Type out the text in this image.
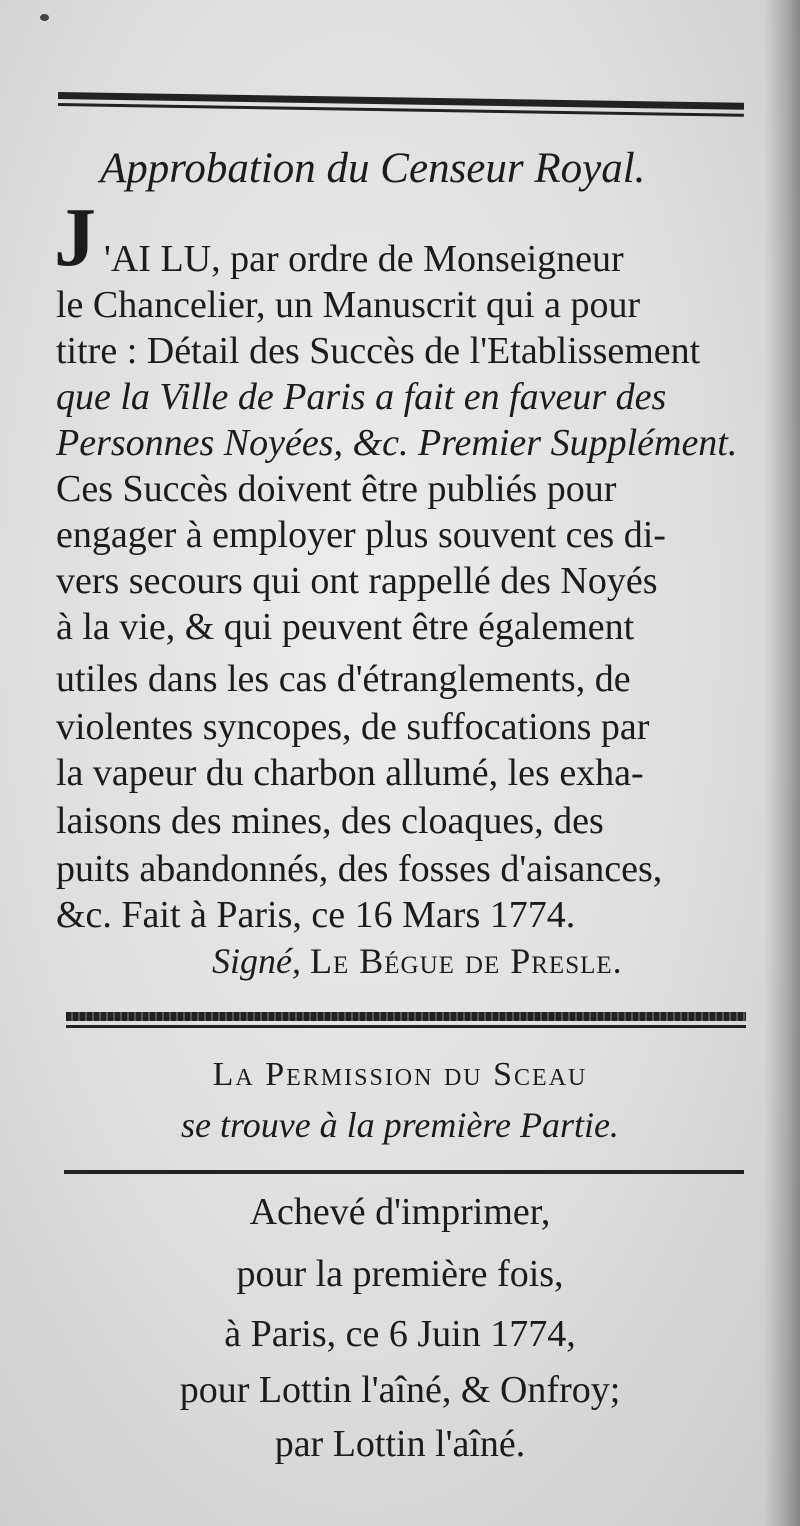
Approbation du Censeur Royal.
J 'AI LU, par ordre de Monseigneur

le Chancelier, un Manuscrit qui a pour

titre : Détail des Succès de l'Etablissement

que la Ville de Paris a fait en faveur des

Personnes Noyées, &c. Premier Supplément.

Ces Succès doivent être publiés pour

engager à employer plus souvent ces di-

vers secours qui ont rappellé des Noyés

à la vie, & qui peuvent être également

utiles dans les cas d'étranglements, de

violentes syncopes, de suffocations par

la vapeur du charbon allumé, les exha-

laisons des mines, des cloaques, des

puits abandonnés, des fosses d'aisances,

&c. Fait à Paris, ce 16 Mars 1774.

Signé, Le Bégue de Presle.

La Permission du Sceau

se trouve à la première Partie.

Achevé d'imprimer,

pour la première fois,

à Paris, ce 6 Juin 1774,

pour Lottin l'aîné, & Onfroy;

par Lottin l'aîné.
